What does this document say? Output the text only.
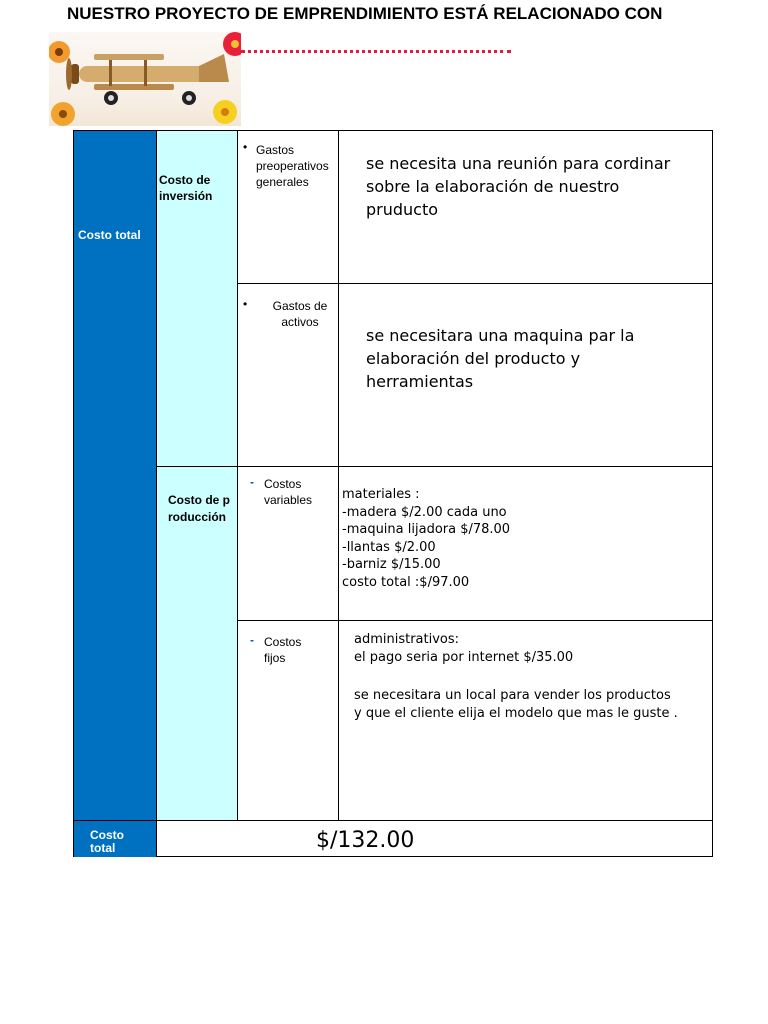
NUESTRO PROYECTO DE EMPRENDIMIENTO ESTÁ RELACIONADO CON
Costo total
Costo total
Costo de inversión
Costo de producción
• Gastos preoperativos generales
se necesita una reunión para cordinar sobre la elaboración de nuestro pruducto
•	Gastos de activos
se necesitara una maquina par la elaboración del producto y herramientas
- Costos variables materiales :
-madera $/2.00 cada uno
-maquina lijadora $/78.00
-llantas $/2.00
-barniz $/15.00
costo total :$/97.00
- Costos fijos
administrativos:
el pago seria por internet $/35.00
se necesitara un local para vender los productos
y que el cliente elija el modelo que mas le guste .
$/132.00
